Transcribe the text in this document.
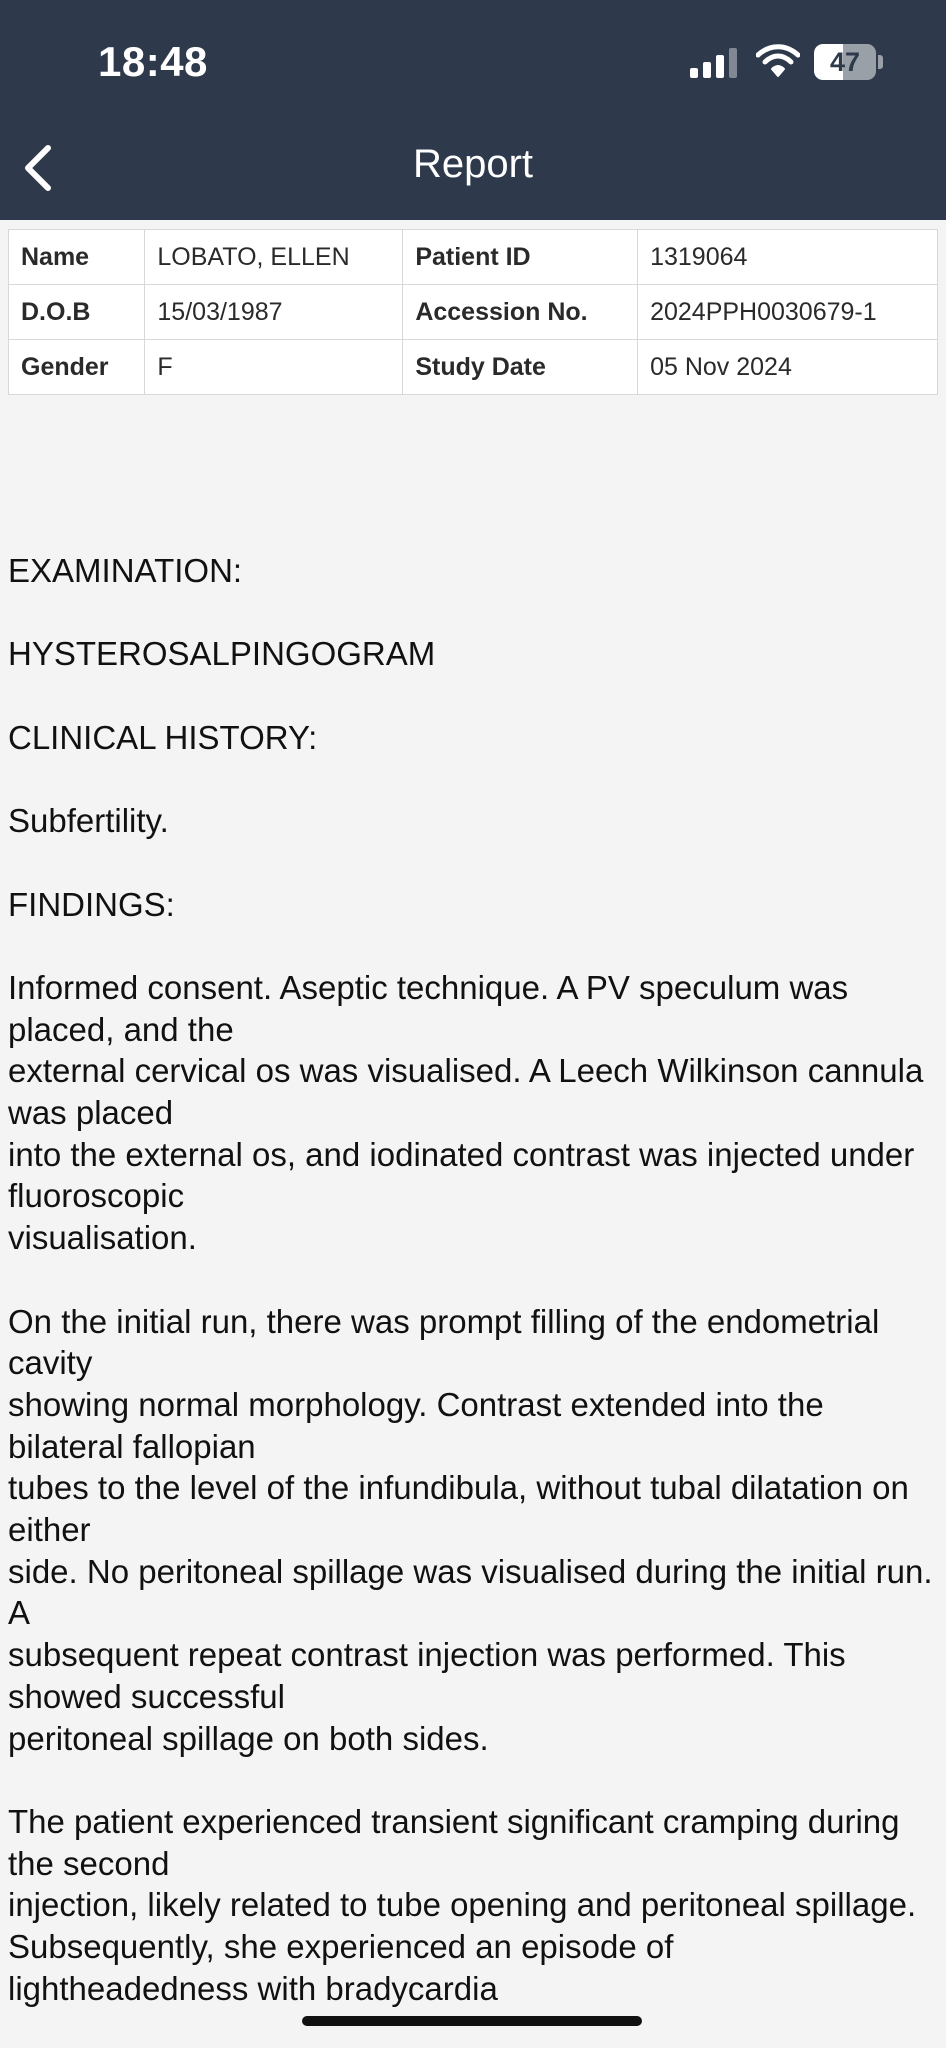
18:48	47
Report
Name	LOBATO, ELLEN	Patient ID	1319064
D.O.B	15/03/1987	Accession No.	2024PPH0030679-1
Gender	F	Study Date	05 Nov 2024

EXAMINATION:

HYSTEROSALPINGOGRAM

CLINICAL HISTORY:

Subfertility.

FINDINGS:

Informed consent. Aseptic technique. A PV speculum was placed, and the

external cervical os was visualised. A Leech Wilkinson cannula was placed

into the external os, and iodinated contrast was injected under fluoroscopic

visualisation.

On the initial run, there was prompt filling of the endometrial cavity

showing normal morphology. Contrast extended into the bilateral fallopian

tubes to the level of the infundibula, without tubal dilatation on either

side. No peritoneal spillage was visualised during the initial run. A

subsequent repeat contrast injection was performed. This showed successful

peritoneal spillage on both sides.

The patient experienced transient significant cramping during the second

injection, likely related to tube opening and peritoneal spillage.

Subsequently, she experienced an episode of

lightheadedness with bradycardia
